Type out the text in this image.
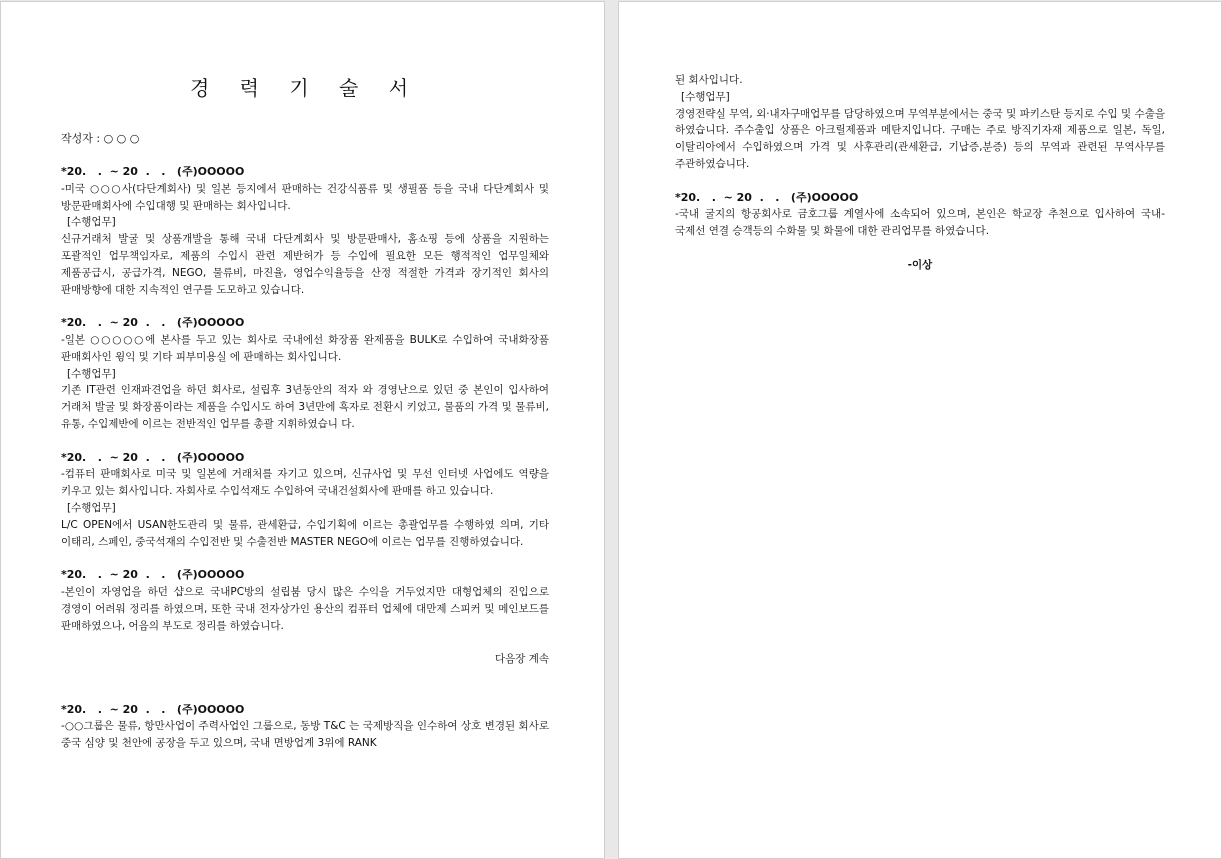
경 력 기 술 서
작성자 : ○ ○ ○
*20.   .  ~ 20  .   .   (주)OOOOO

-미국 ○○○사(다단계회사) 및 일본 등지에서 판매하는 건강식품류 및 생필품 등을 국내 다단계회사 및 방문판매회사에 수입대행 및 판매하는 회사입니다.

[수행업무]

신규거래처 발굴 및 상품개발을 통해 국내 다단계회사 및 방문판매사, 홈쇼핑 등에 상품을 지원하는 포괄적인 업무책임자로, 제품의 수입시 관련 제반허가 등 수입에 필요한 모든 행적적인 업무일체와 제품공급시, 공급가격, NEGO, 물류비, 마진율, 영업수익율등을 산정 적절한 가격과 장기적인 회사의 판매방향에 대한 지속적인 연구를 도모하고 있습니다.

*20.   .  ~ 20  .   .   (주)OOOOO

-일본 ○○○○○에 본사를 두고 있는 회사로 국내에선 화장품 완제품을 BULK로 수입하여 국내화장품 판매회사인 윙익 및 기타 피부미용실 에 판매하는 회사입니다.

[수행업무]

기존 IT관련 인재파견업을 하던 회사로, 설립후 3년동안의 적자 와 경영난으로 있던 중 본인이 입사하여 거래처 발굴 및 화장품이라는 제품을 수입시도 하여 3년만에 흑자로 전환시 키었고, 물품의 가격 및 물류비, 유통, 수입제반에 이르는 전반적인 업무를 총괄 지휘하였습니 다.

*20.   .  ~ 20  .   .   (주)OOOOO

-컴퓨터 판매회사로 미국 및 일본에 거래처를 자기고 있으며, 신규사업 및 무선 인터넷 사업에도 역량을 키우고 있는 회사입니다. 자회사로 수입석재도 수입하여 국내건설회사에 판매를 하고 있습니다.

[수행업무]

L/C OPEN에서 USAN한도관리 및 물류, 관세환급, 수입기획에 이르는 총괄업무를 수행하였 의며, 기타 이태리, 스페인, 중국석재의 수입전반 및 수출전반 MASTER NEGO에 이르는 업무를 진행하였습니다.

*20.   .  ~ 20  .   .   (주)OOOOO

-본인이 자영업을 하던 샵으로 국내PC방의 설립붐 당시 많은 수익을 거두었지만 대형업체의 진입으로 경영이 어려워 정리를 하였으며, 또한 국내 전자상가인 용산의 컴퓨터 업체에 대만제 스피커 및 메인보드를 판매하였으나, 어음의 부도로 정리를 하였습니다.

다음장 계속
*20.   .  ~ 20  .   .   (주)OOOOO

-○○그룹은 물류, 항만사업이 주력사업인 그룹으로, 동방 T&C 는 국제방직을 인수하여 상호 변경된 회사로 중국 심양 및 천안에 공장을 두고 있으며, 국내 면방업계 3위에 RANK

된 회사입니다.
[수행업무]

경영전략실 무역, 외·내자구매업무를 담당하였으며 무역부분에서는 중국 및 파키스탄 등지로 수입 및 수출을 하였습니다. 주수출입 상품은 아크릴제품과 메탄지입니다. 구매는 주로 방직기자재 제품으로 일본, 독일, 이탈리아에서 수입하였으며 가격 및 사후관리(관세환급, 기납증,분증) 등의 무역과 관련된 무역사무를 주관하였습니다.

*20.   .  ~ 20  .   .   (주)OOOOO

-국내 굴지의 항공회사로 금호그룹 계열사에 소속되어 있으며, 본인은 학교장 추천으로 입사하여 국내-국제선 연결 승객등의 수화물 및 화물에 대한 관리업무를 하였습니다.

-이상
